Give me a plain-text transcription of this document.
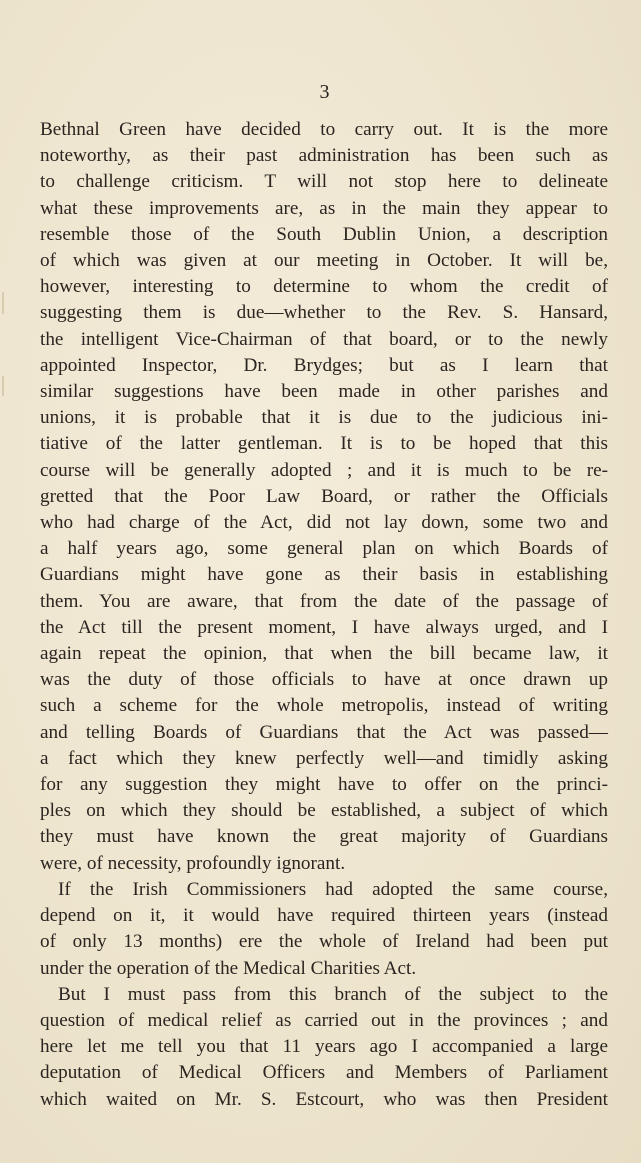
3
Bethnal Green have decided to carry out. It is the more
noteworthy, as their past administration has been such as
to challenge criticism. T will not stop here to delineate
what these improvements are, as in the main they appear to
resemble those of the South Dublin Union, a description
of which was given at our meeting in October. It will be,
however, interesting to determine to whom the credit of
suggesting them is due—whether to the Rev. S. Hansard,
the intelligent Vice-Chairman of that board, or to the newly
appointed Inspector, Dr. Brydges; but as I learn that
similar suggestions have been made in other parishes and
unions, it is probable that it is due to the judicious ini-
tiative of the latter gentleman. It is to be hoped that this
course will be generally adopted ; and it is much to be re-
gretted that the Poor Law Board, or rather the Officials
who had charge of the Act, did not lay down, some two and
a half years ago, some general plan on which Boards of
Guardians might have gone as their basis in establishing
them. You are aware, that from the date of the passage of
the Act till the present moment, I have always urged, and I
again repeat the opinion, that when the bill became law, it
was the duty of those officials to have at once drawn up
such a scheme for the whole metropolis, instead of writing
and telling Boards of Guardians that the Act was passed—
a fact which they knew perfectly well—and timidly asking
for any suggestion they might have to offer on the princi-
ples on which they should be established, a subject of which
they must have known the great majority of Guardians
were, of necessity, profoundly ignorant.
If the Irish Commissioners had adopted the same course,
depend on it, it would have required thirteen years (instead
of only 13 months) ere the whole of Ireland had been put
under the operation of the Medical Charities Act.
But I must pass from this branch of the subject to the
question of medical relief as carried out in the provinces ; and
here let me tell you that 11 years ago I accompanied a large
deputation of Medical Officers and Members of Parliament
which waited on Mr. S. Estcourt, who was then President
